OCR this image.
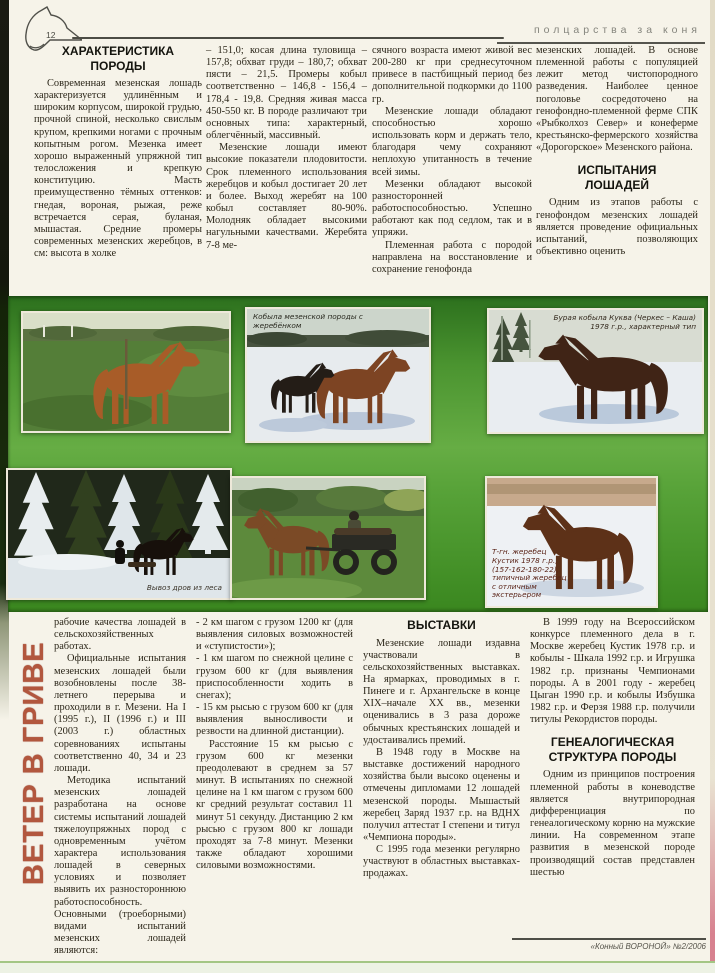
12	полцарства за коня
ХАРАКТЕРИСТИКА ПОРОДЫ

Современная мезенская лошадь характеризуется удлинённым и широким корпусом, широкой грудью, прочной спиной, несколько свислым крупом, крепкими ногами с прочным копытным рогом. Мезенка имеет хорошо выраженный упряжной тип телосложения и крепкую конституцию. Масть преимущественно тёмных оттенков: гнедая, вороная, рыжая, реже встречается серая, буланая, мышастая. Средние промеры современных мезенских жеребцов, в см: высота в холке

– 151,0; косая длина туловища – 157,8; обхват груди – 180,7; обхват пясти – 21,5. Промеры кобыл соответственно – 146,8 - 156,4 – 178,4 - 19,8. Средняя живая масса 450-550 кг. В породе различают три основных типа: характерный, облегчённый, массивный.

Мезенские лошади имеют высокие показатели плодовитости. Срок племенного использования жеребцов и кобыл достигает 20 лет и более. Выход жеребят на 100 кобыл составляет 80-90%. Молодняк обладает высокими нагульными качествами. Жеребята 7-8 ме-

сячного возраста имеют живой вес 200-280 кг при среднесуточном привесе в пастбищный период без дополнительной подкормки до 1100 гр.

Мезенские лошади обладают способностью хорошо использовать корм и держать тело, благодаря чему сохраняют неплохую упитанность в течение всей зимы.

Мезенки обладают высокой разносторонней работоспособностью. Успешно работают как под седлом, так и в упряжи.

Племенная работа с породой направлена на восстановление и сохранение генофонда

мезенских лошадей. В основе племенной работы с популяцией лежит метод чистопородного разведения. Наиболее ценное поголовье сосредоточено на генофондно-племенной ферме СПК «Рыбколхоз Север» и конеферме крестьянско-фермерского хозяйства «Дорогорское» Мезенского района.

ИСПЫТАНИЯ ЛОШАДЕЙ

Одним из этапов работы с генофондом мезенских лошадей является проведение официальных испытаний, позволяющих объективно оценить

Кобыла мезенской породы с жеребёнком
Бурая кобыла Куква (Черкес – Каша) 1978 г.р., характерный тип
Вывоз дров из леса
Т-гн. жеребец Кустик 1978 г.р., (157-162-180-22), типичный жеребец с отличным экстерьером
ВЕТЕР В ГРИВЕ

рабочие качества лошадей в сельскохозяйственных работах.

Официальные испытания мезенских лошадей были возобновлены после 38-летнего перерыва и проходили в г. Мезени. На I (1995 г.), II (1996 г.) и III (2003 г.) областных соревнованиях испытаны соответственно 40, 34 и 23 лошади.

Методика испытаний мезенских лошадей разработана на основе системы испытаний лошадей тяжелоупряжных пород с одновременным учётом характера использования лошадей в северных условиях и позволяет выявить их разностороннюю работоспособность. Основными (троеборными) видами испытаний мезенских лошадей являются:

- 2 км шагом с грузом 1200 кг (для выявления силовых возможностей и «ступистости»);

- 1 км шагом по снежной целине с грузом 600 кг (для выявления приспособленности ходить в снегах);

- 15 км рысью с грузом 600 кг (для выявления выносливости и резвости на длинной дистанции).

Расстояние 15 км рысью с грузом 600 кг мезенки преодолевают в среднем за 57 минут. В испытаниях по снежной целине на 1 км шагом с грузом 600 кг средний результат составил 11 минут 51 секунду. Дистанцию 2 км рысью с грузом 800 кг лошади проходят за 7-8 минут. Мезенки также обладают хорошими силовыми возможностями.

ВЫСТАВКИ

Мезенские лошади издавна участвовали в сельскохозяйственных выставках. На ярмарках, проводимых в г. Пинеге и г. Архангельске в конце XIX–начале XX вв., мезенки оценивались в 3 раза дороже обычных крестьянских лошадей и удостаивались премий.

В 1948 году в Москве на выставке достижений народного хозяйства были высоко оценены и отмечены дипломами 12 лошадей мезенской породы. Мышастый жеребец Заряд 1937 г.р. на ВДНХ получил аттестат I степени и титул «Чемпиона породы».

С 1995 года мезенки регулярно участвуют в областных выставках-продажах.

В 1999 году на Всероссийском конкурсе племенного дела в г. Москве жеребец Кустик 1978 г.р. и кобылы - Шкала 1992 г.р. и Игрушка 1982 г.р. признаны Чемпионами породы. А в 2001 году - жеребец Цыган 1990 г.р. и кобылы Избушка 1982 г.р. и Ферзя 1988 г.р. получили титулы Рекордистов породы.

ГЕНЕАЛОГИЧЕСКАЯ СТРУКТУРА ПОРОДЫ

Одним из принципов построения племенной работы в коневодстве является внутрипородная дифференциация по генеалогическому корню на мужские линии. На современном этапе развития в мезенской породе производящий состав представлен шестью

«Конный ВОРОНОЙ» №2/2006
